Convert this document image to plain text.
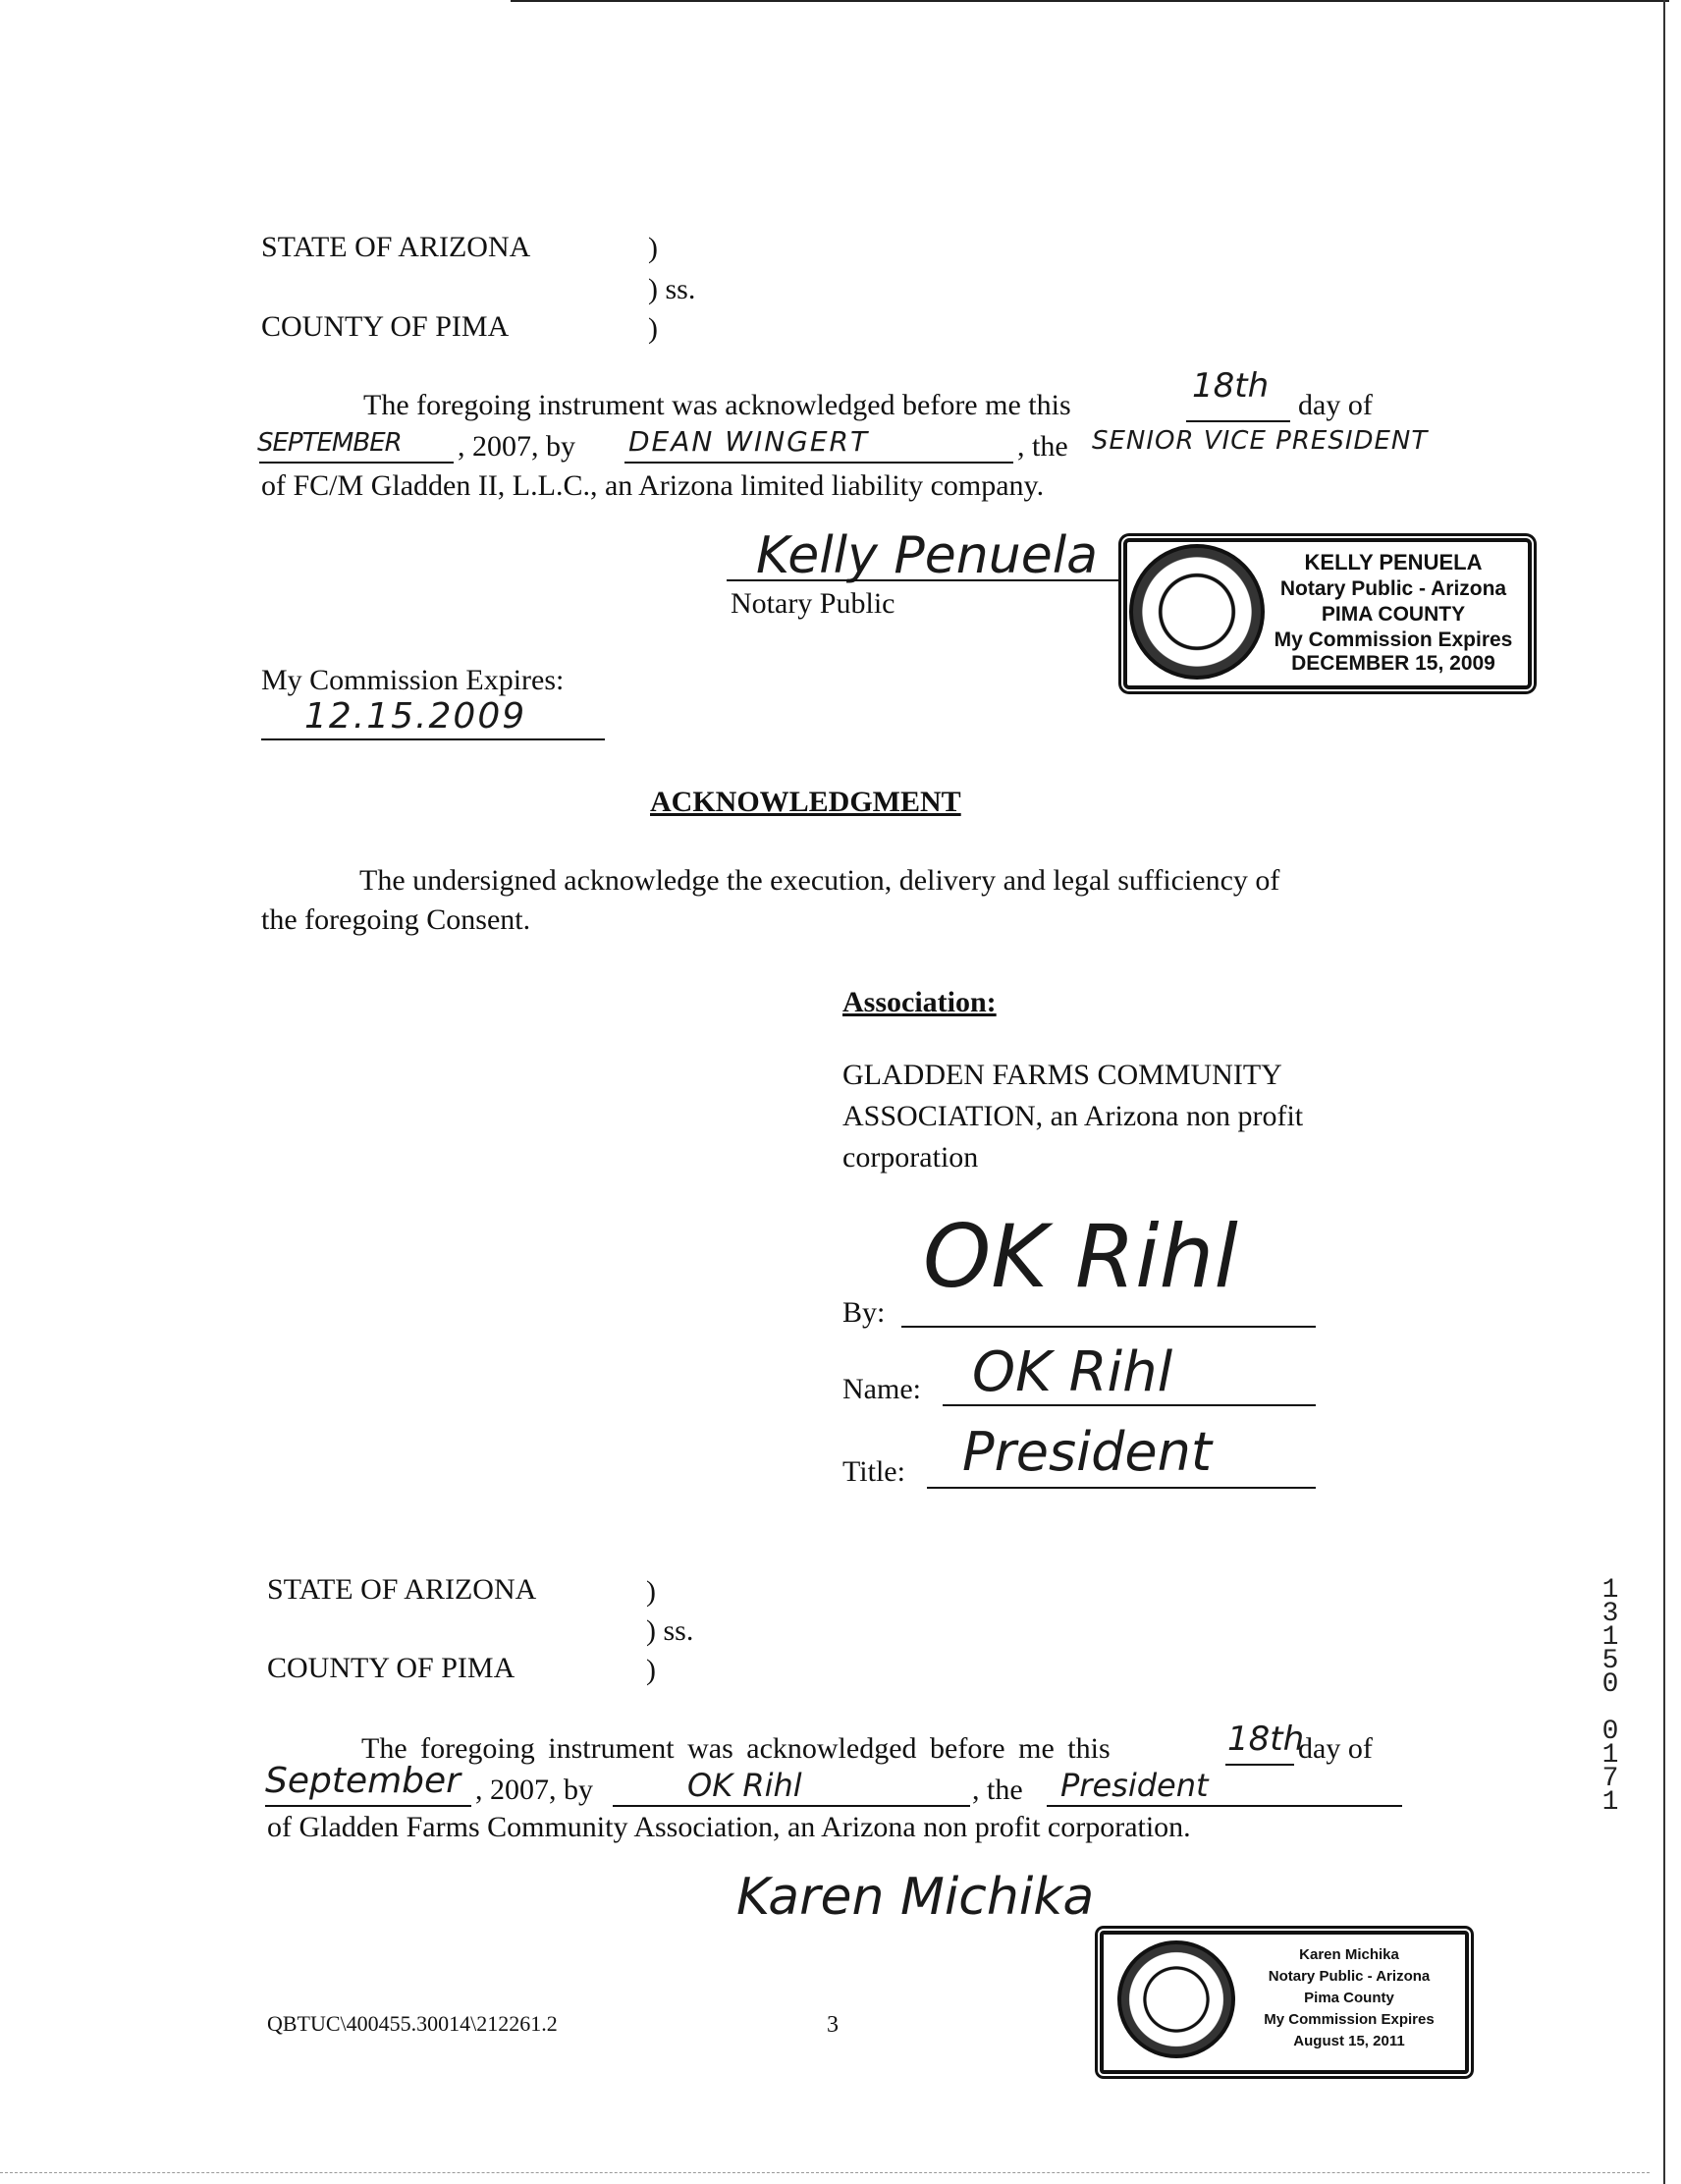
STATE OF ARIZONA	)
) ss.
COUNTY OF PIMA	)
The foregoing instrument was acknowledged before me this	18th day of
SEPTEMBER , 2007, by DEAN WINGERT	, the SENIOR VICE PRESIDENT
of FC/M Gladden II, L.L.C., an Arizona limited liability company.
Kelly Penuela
Notary Public
My Commission Expires:
12.15.2009
KELLY PENUELA
Notary Public - Arizona
PIMA COUNTY
My Commission Expires
DECEMBER 15, 2009
ACKNOWLEDGMENT
The undersigned acknowledge the execution, delivery and legal sufficiency of
the foregoing Consent.
Association:
GLADDEN FARMS COMMUNITY
ASSOCIATION, an Arizona non profit
corporation
By:
OK Rihl
Name: OK Rihl
Title: President
STATE OF ARIZONA	)
) ss.
COUNTY OF PIMA	)
The foregoing instrument was acknowledged before me this	18th
day of
September , 2007, by	OK Rihl	, the President
of Gladden Farms Community Association, an Arizona non profit corporation.
Karen Michika
Karen Michika
Notary Public - Arizona
Pima County
My Commission Expires
August 15, 2011
QBTUC\400455.30014\212261.2	3
1
3
1
5
0
0
1
7
1
